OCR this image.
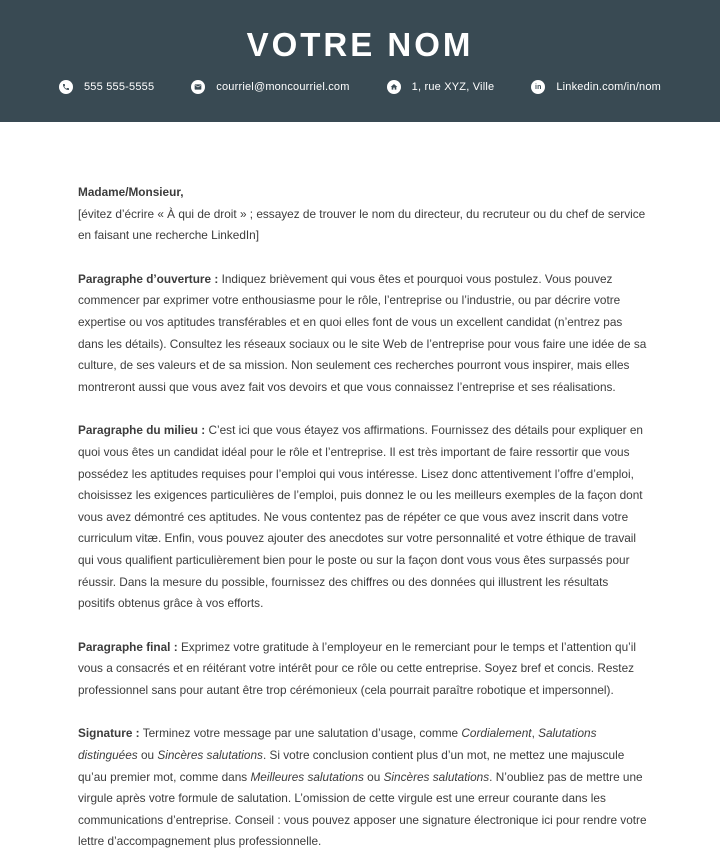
VOTRE NOM
555 555-5555	courriel@moncourriel.com	1, rue XYZ, Ville	in Linkedin.com/in/nom

Madame/Monsieur,
[évitez d’écrire « À qui de droit » ; essayez de trouver le nom du directeur, du recruteur ou du chef de service en faisant une recherche LinkedIn]

Paragraphe d’ouverture : Indiquez brièvement qui vous êtes et pourquoi vous postulez. Vous pouvez commencer par exprimer votre enthousiasme pour le rôle, l’entreprise ou l’industrie, ou par décrire votre expertise ou vos aptitudes transférables et en quoi elles font de vous un excellent candidat (n’entrez pas dans les détails). Consultez les réseaux sociaux ou le site Web de l’entreprise pour vous faire une idée de sa culture, de ses valeurs et de sa mission. Non seulement ces recherches pourront vous inspirer, mais elles montreront aussi que vous avez fait vos devoirs et que vous connaissez l’entreprise et ses réalisations.

Paragraphe du milieu : C’est ici que vous étayez vos affirmations. Fournissez des détails pour expliquer en quoi vous êtes un candidat idéal pour le rôle et l’entreprise. Il est très important de faire ressortir que vous possédez les aptitudes requises pour l’emploi qui vous intéresse. Lisez donc attentivement l’offre d’emploi, choisissez les exigences particulières de l’emploi, puis donnez le ou les meilleurs exemples de la façon dont vous avez démontré ces aptitudes. Ne vous contentez pas de répéter ce que vous avez inscrit dans votre curriculum vitæ. Enfin, vous pouvez ajouter des anecdotes sur votre personnalité et votre éthique de travail qui vous qualifient particulièrement bien pour le poste ou sur la façon dont vous vous êtes surpassés pour réussir. Dans la mesure du possible, fournissez des chiffres ou des données qui illustrent les résultats positifs obtenus grâce à vos efforts.

Paragraphe final : Exprimez votre gratitude à l’employeur en le remerciant pour le temps et l’attention qu’il vous a consacrés et en réitérant votre intérêt pour ce rôle ou cette entreprise. Soyez bref et concis. Restez professionnel sans pour autant être trop cérémonieux (cela pourrait paraître robotique et impersonnel).

Signature : Terminez votre message par une salutation d’usage, comme Cordialement, Salutations distinguées ou Sincères salutations. Si votre conclusion contient plus d’un mot, ne mettez une majuscule qu’au premier mot, comme dans Meilleures salutations ou Sincères salutations. N’oubliez pas de mettre une virgule après votre formule de salutation. L’omission de cette virgule est une erreur courante dans les communications d’entreprise. Conseil : vous pouvez apposer une signature électronique ici pour rendre votre lettre d’accompagnement plus professionnelle.
